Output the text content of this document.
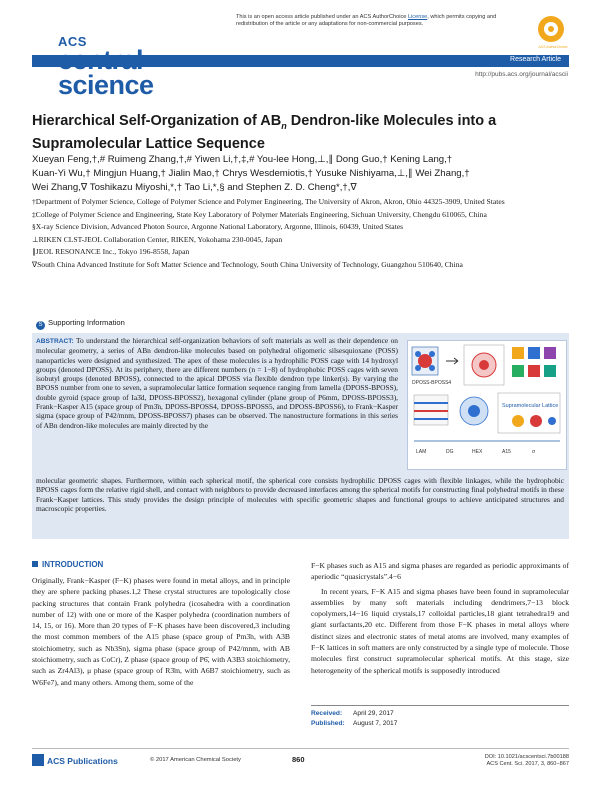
ACS
science
This is an open access article published under an ACS AuthorChoice License, which permits copying and redistribution of the article or any adaptations for non-commercial purposes.
ACS AuthorChoice
Research Article
http://pubs.acs.org/journal/acscii
Hierarchical Self-Organization of $AB_n$ Dendron-like Molecules into a Supramolecular Lattice Sequence
Xueyan Feng,†,# Ruimeng Zhang,†,# Yiwen Li,†,‡,# You-lee Hong,⊥,∥ Dong Guo,† Kening Lang,†
Kuan-Yi Wu,† Mingjun Huang,† Jialin Mao,† Chrys Wesdemiotis,† Yusuke Nishiyama,⊥,∥ Wei Zhang,†
Wei Zhang,∇ Toshikazu Miyoshi,*,† Tao Li,*,§ and Stephen Z. D. Cheng*,†,∇

†Department of Polymer Science, College of Polymer Science and Polymer Engineering, The University of Akron, Akron, Ohio 44325-3909, United States

‡College of Polymer Science and Engineering, State Key Laboratory of Polymer Materials Engineering, Sichuan University, Chengdu 610065, China

§X-ray Science Division, Advanced Photon Source, Argonne National Laboratory, Argonne, Illinois, 60439, United States

⊥RIKEN CLST-JEOL Collaboration Center, RIKEN, Yokohama 230-0045, Japan

∥JEOL RESONANCE Inc., Tokyo 196-8558, Japan

∇South China Advanced Institute for Soft Matter Science and Technology, South China University of Technology, Guangzhou 510640, China

S Supporting Information
ABSTRACT: To understand the hierarchical self-organization behaviors of soft materials as well as their dependence on molecular geometry, a series of ABn dendron-like molecules based on polyhedral oligomeric silsesquioxane (POSS) nanoparticles were designed and synthesized. The apex of these molecules is a hydrophilic POSS cage with 14 hydroxyl groups (denoted DPOSS). At its periphery, there are different numbers (n = 1−8) of hydrophobic POSS cages with seven isobutyl groups (denoted BPOSS), connected to the apical DPOSS via flexible dendron type linker(s). By varying the BPOSS number from one to seven, a supramolecular lattice formation sequence ranging from lamella (DPOSS-BPOSS), double gyroid (space group of Ia3̄d, DPOSS-BPOSS2), hexagonal cylinder (plane group of P6mm, DPOSS-BPOSS3), Frank−Kasper A15 (space group of Pm3̄n, DPOSS-BPOSS4, DPOSS-BPOSS5, and DPOSS-BPOSS6), to Frank−Kasper sigma (space group of P42/mnm, DPOSS-BPOSS7) phases can be observed. The nanostructure formations in this series of ABn dendron-like molecules are mainly directed by the
molecular geometric shapes. Furthermore, within each spherical motif, the spherical core consists hydrophilic DPOSS cages with flexible linkages, while the hydrophobic BPOSS cages form the relative rigid shell, and contact with neighbors to provide decreased interfaces among the spherical motifs for constructing final polyhedral motifs in these Frank−Kasper lattices. This study provides the design principle of molecules with specific geometric shapes and functional groups to achieve anticipated structures and macroscopic properties.
DPOSS-BPOSS4
Supramolecular Lattice
LAM	DG	HEX	A15	σ
INTRODUCTION

Originally, Frank−Kasper (F−K) phases were found in metal alloys, and in principle they are sphere packing phases.1,2 These crystal structures are topologically close packing structures that contain Frank polyhedra (icosahedra with a coordination number of 12) with one or more of the Kasper polyhedra (coordination numbers of 14, 15, or 16). More than 20 types of F−K phases have been discovered,3 including the most common members of the A15 phase (space group of Pm3̄n, with A3B stoichiometry, such as Nb3Sn), sigma phase (space group of P42/mnm, with AB stoichiometry, such as CoCr), Z phase (space group of P6̄, with A3B3 stoichiometry, such as Zr4Al3), μ phase (space group of R3̄m, with A6B7 stoichiometry, such as W6Fe7), and many others. Among them, some of the

F−K phases such as A15 and sigma phases are regarded as periodic approximants of aperiodic “quasicrystals”.4−6

In recent years, F−K A15 and sigma phases have been found in supramolecular assemblies by many soft materials including dendrimers,7−13 block copolymers,14−16 liquid crystals,17 colloidal particles,18 giant tetrahedra19 and giant surfactants,20 etc. Different from those F−K phases in metal alloys where distinct sizes and electronic states of metal atoms are involved, many examples of F−K lattices in soft matters are only constructed by a single type of molecule. Those molecules first construct supramolecular spherical motifs. At this stage, size heterogeneity of the spherical motifs is supposedly introduced

Received: April 29, 2017
Published: August 7, 2017
ACS Publications	© 2017 American Chemical Society	860	DOI: 10.1021/acscentsci.7b00188
ACS Cent. Sci. 2017, 3, 860−867
